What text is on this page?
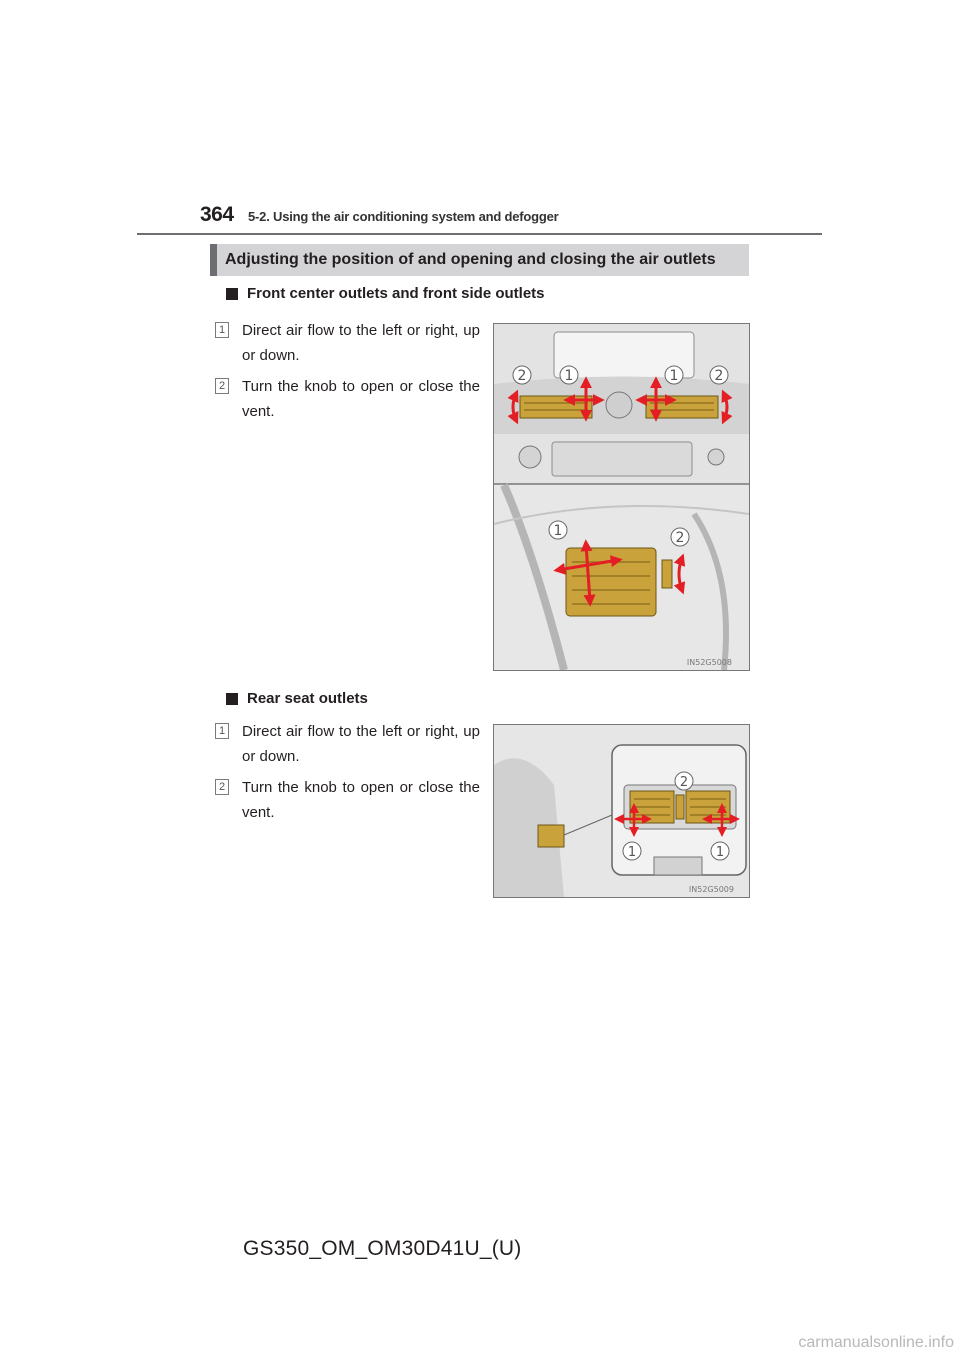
364 5-2. Using the air conditioning system and defogger
Adjusting the position of and opening and closing the air outlets
Front center outlets and front side outlets
1 Direct air flow to the left or right, up or down.
2 Turn the knob to open or close the vent.
2	1	1	2
1	2
IN52G5008
Rear seat outlets
1 Direct air flow to the left or right, up or down.
2 Turn the knob to open or close the vent.
2
1	1
IN52G5009
GS350_OM_OM30D41U_(U)
carmanualsonline.info
